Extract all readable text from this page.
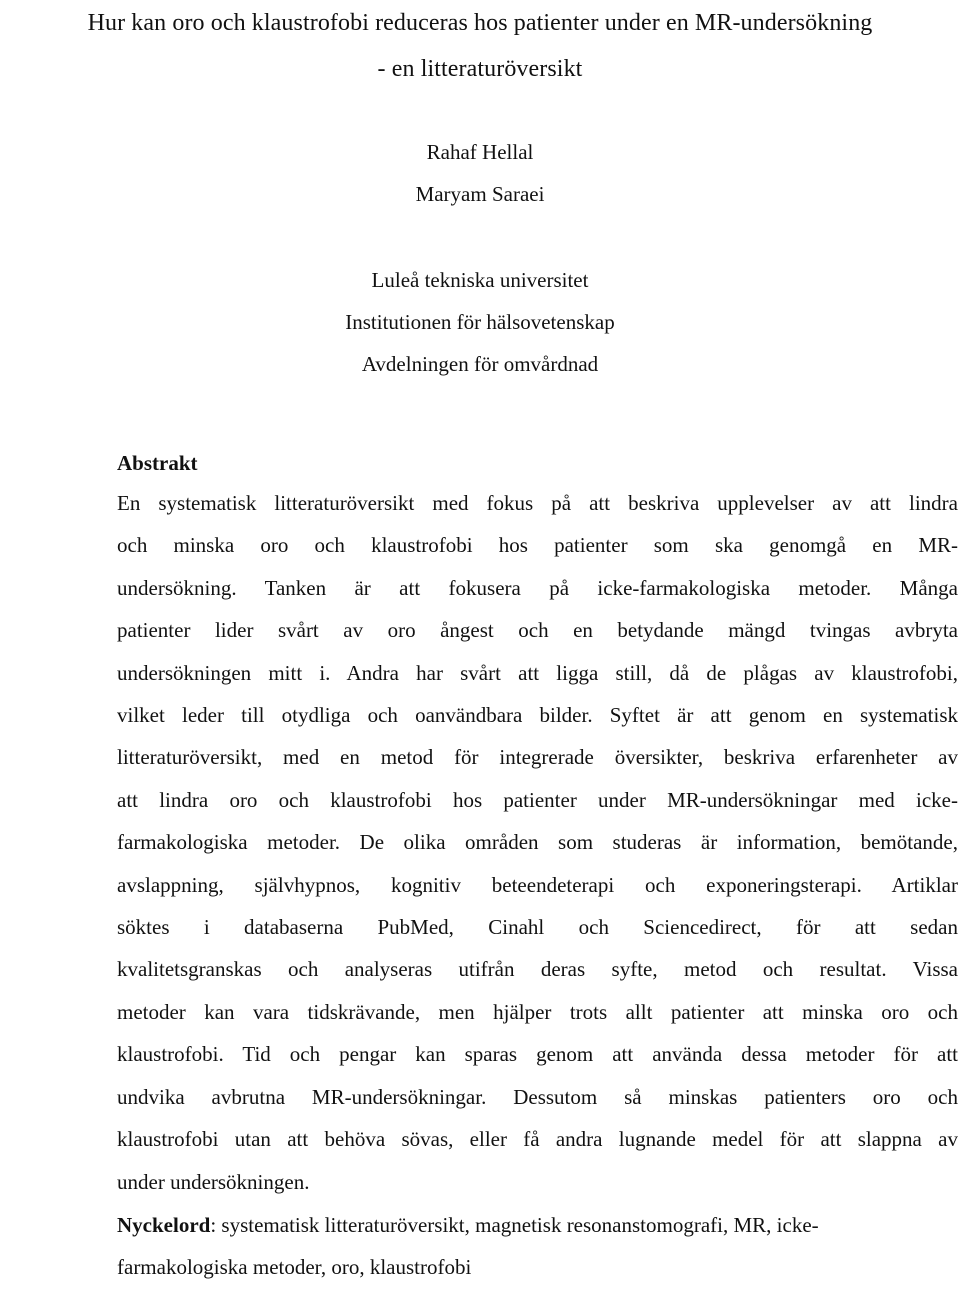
Hur kan oro och klaustrofobi reduceras hos patienter under en MR-undersökning
- en litteraturöversikt
Rahaf Hellal
Maryam Saraei
Luleå tekniska universitet
Institutionen för hälsovetenskap
Avdelningen för omvårdnad
Abstrakt
En systematisk litteraturöversikt med fokus på att beskriva upplevelser av att lindra
och minska oro och klaustrofobi hos patienter som ska genomgå en MR-
undersökning. Tanken är att fokusera på icke-farmakologiska metoder. Många
patienter lider svårt av oro ångest och en betydande mängd tvingas avbryta
undersökningen mitt i. Andra har svårt att ligga still, då de plågas av klaustrofobi,
vilket leder till otydliga och oanvändbara bilder. Syftet är att genom en systematisk
litteraturöversikt, med en metod för integrerade översikter, beskriva erfarenheter av
att lindra oro och klaustrofobi hos patienter under MR-undersökningar med icke-
farmakologiska metoder. De olika områden som studeras är information, bemötande,
avslappning, självhypnos, kognitiv beteendeterapi och exponeringsterapi. Artiklar
söktes i databaserna PubMed, Cinahl och Sciencedirect, för att sedan
kvalitetsgranskas och analyseras utifrån deras syfte, metod och resultat. Vissa
metoder kan vara tidskrävande, men hjälper trots allt patienter att minska oro och
klaustrofobi. Tid och pengar kan sparas genom att använda dessa metoder för att
undvika avbrutna MR-undersökningar. Dessutom så minskas patienters oro och
klaustrofobi utan att behöva sövas, eller få andra lugnande medel för att slappna av
under undersökningen.
Nyckelord: systematisk litteraturöversikt, magnetisk resonanstomografi, MR, icke-
farmakologiska metoder, oro, klaustrofobi
